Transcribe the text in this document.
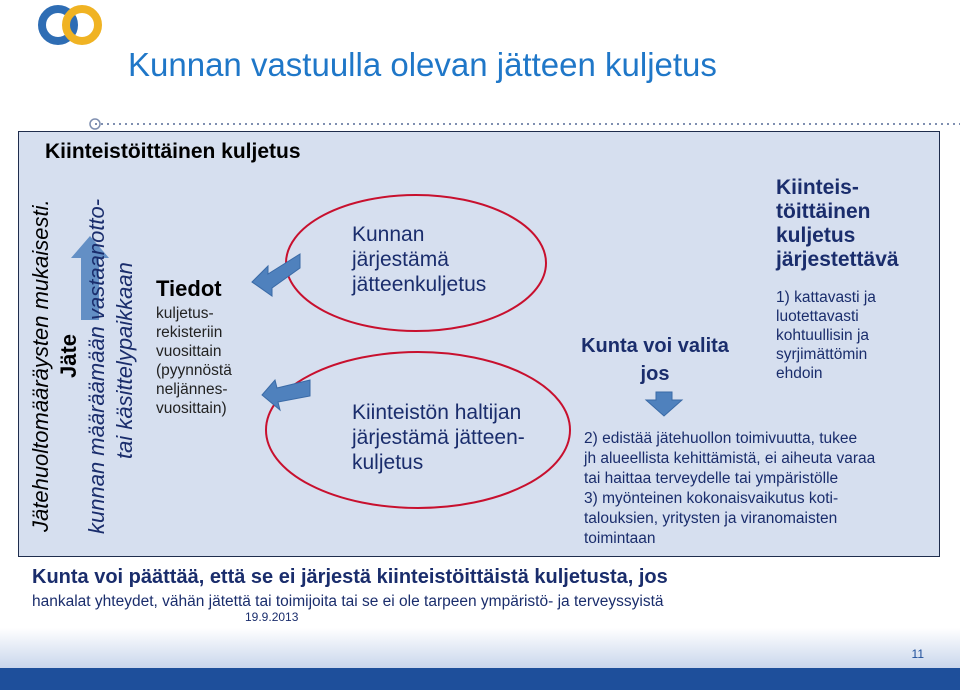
Kunnan vastuulla olevan jätteen kuljetus
Kiinteistöittäinen kuljetus
Jätehuoltomääräysten mukaisesti. Jäte kunnan määräämään vastaanotto- tai käsittelypaikkaan Tiedot
kuljetus-
rekisteriin
vuosittain
(pyynnöstä
neljännes-
vuosittain)
Kunnan
järjestämä
jätteenkuljetus
Kiinteistön haltijan
järjestämä jätteen-
kuljetus
Kunta voi valita
jos
Kiinteis-
töittäinen
kuljetus
järjestettävä
1) kattavasti ja
luotettavasti
kohtuullisin ja
syrjimättömin
ehdoin
2) edistää jätehuollon toimivuutta, tukee
jh alueellista kehittämistä, ei aiheuta varaa
tai haittaa terveydelle tai ympäristölle
3) myönteinen kokonaisvaikutus koti-
talouksien, yritysten ja viranomaisten
toimintaan
Kunta voi päättää, että se ei järjestä kiinteistöittäistä kuljetusta, jos
hankalat yhteydet, vähän jätettä tai toimijoita tai se ei ole tarpeen ympäristö- ja terveyssyistä
19.9.2013
11
